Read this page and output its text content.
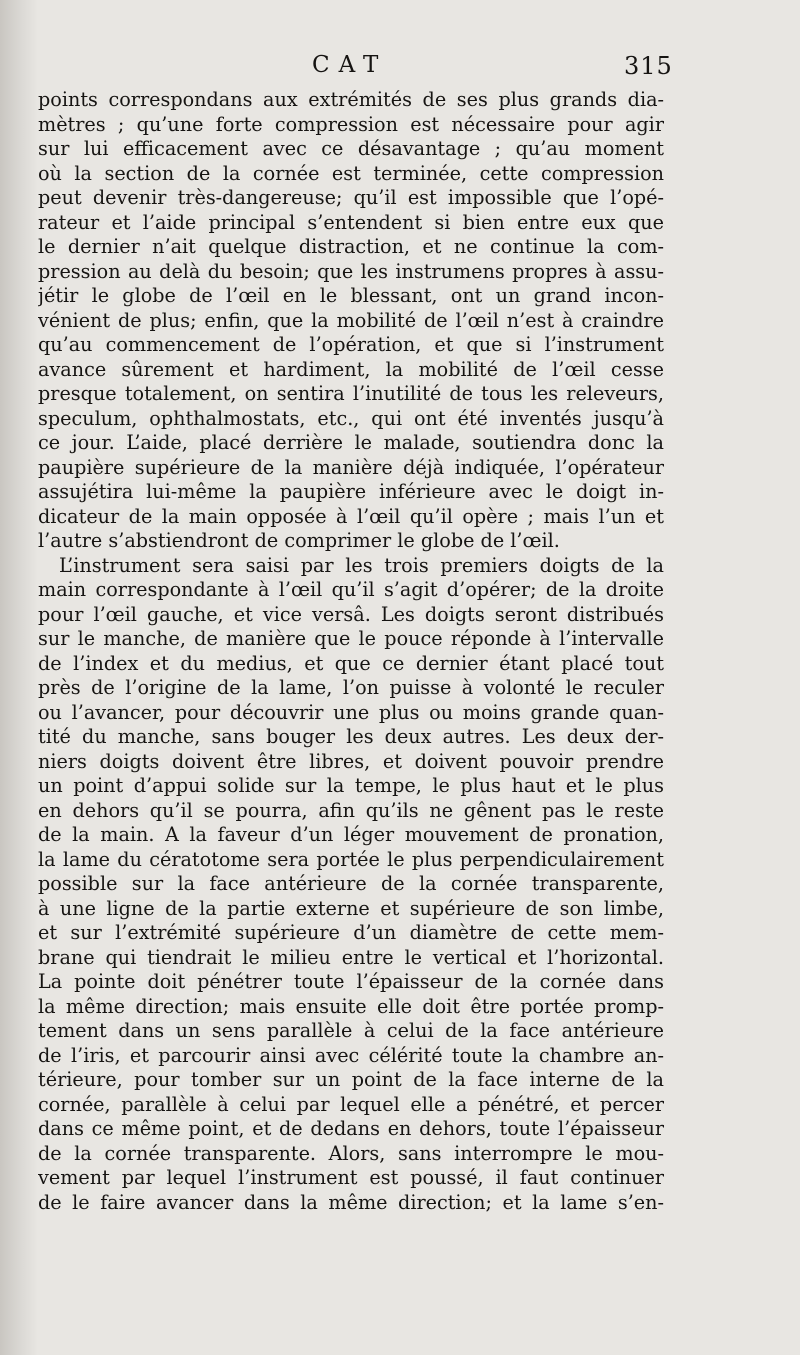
CAT	315
points correspondans aux extrémités de ses plus grands dia-
mètres ; qu’une forte compression est nécessaire pour agir
sur lui efficacement avec ce désavantage ; qu’au moment
où la section de la cornée est terminée, cette compression
peut devenir très-dangereuse; qu’il est impossible que l’opé-
rateur et l’aide principal s’entendent si bien entre eux que
le dernier n’ait quelque distraction, et ne continue la com-
pression au delà du besoin; que les instrumens propres à assu-
jétir le globe de l’œil en le blessant, ont un grand incon-
vénient de plus; enfin, que la mobilité de l’œil n’est à craindre
qu’au commencement de l’opération, et que si l’instrument
avance sûrement et hardiment, la mobilité de l’œil cesse
presque totalement, on sentira l’inutilité de tous les releveurs,
speculum, ophthalmostats, etc., qui ont été inventés jusqu’à
ce jour. L’aide, placé derrière le malade, soutiendra donc la
paupière supérieure de la manière déjà indiquée, l’opérateur
assujétira lui-même la paupière inférieure avec le doigt in-
dicateur de la main opposée à l’œil qu’il opère ; mais l’un et
l’autre s’abstiendront de comprimer le globe de l’œil.
L’instrument sera saisi par les trois premiers doigts de la
main correspondante à l’œil qu’il s’agit d’opérer; de la droite
pour l’œil gauche, et vice versâ. Les doigts seront distribués
sur le manche, de manière que le pouce réponde à l’intervalle
de l’index et du medius, et que ce dernier étant placé tout
près de l’origine de la lame, l’on puisse à volonté le reculer
ou l’avancer, pour découvrir une plus ou moins grande quan-
tité du manche, sans bouger les deux autres. Les deux der-
niers doigts doivent être libres, et doivent pouvoir prendre
un point d’appui solide sur la tempe, le plus haut et le plus
en dehors qu’il se pourra, afin qu’ils ne gênent pas le reste
de la main. A la faveur d’un léger mouvement de pronation,
la lame du cératotome sera portée le plus perpendiculairement
possible sur la face antérieure de la cornée transparente,
à une ligne de la partie externe et supérieure de son limbe,
et sur l’extrémité supérieure d’un diamètre de cette mem-
brane qui tiendrait le milieu entre le vertical et l’horizontal.
La pointe doit pénétrer toute l’épaisseur de la cornée dans
la même direction; mais ensuite elle doit être portée promp-
tement dans un sens parallèle à celui de la face antérieure
de l’iris, et parcourir ainsi avec célérité toute la chambre an-
térieure, pour tomber sur un point de la face interne de la
cornée, parallèle à celui par lequel elle a pénétré, et percer
dans ce même point, et de dedans en dehors, toute l’épaisseur
de la cornée transparente. Alors, sans interrompre le mou-
vement par lequel l’instrument est poussé, il faut continuer
de le faire avancer dans la même direction; et la lame s’en-
